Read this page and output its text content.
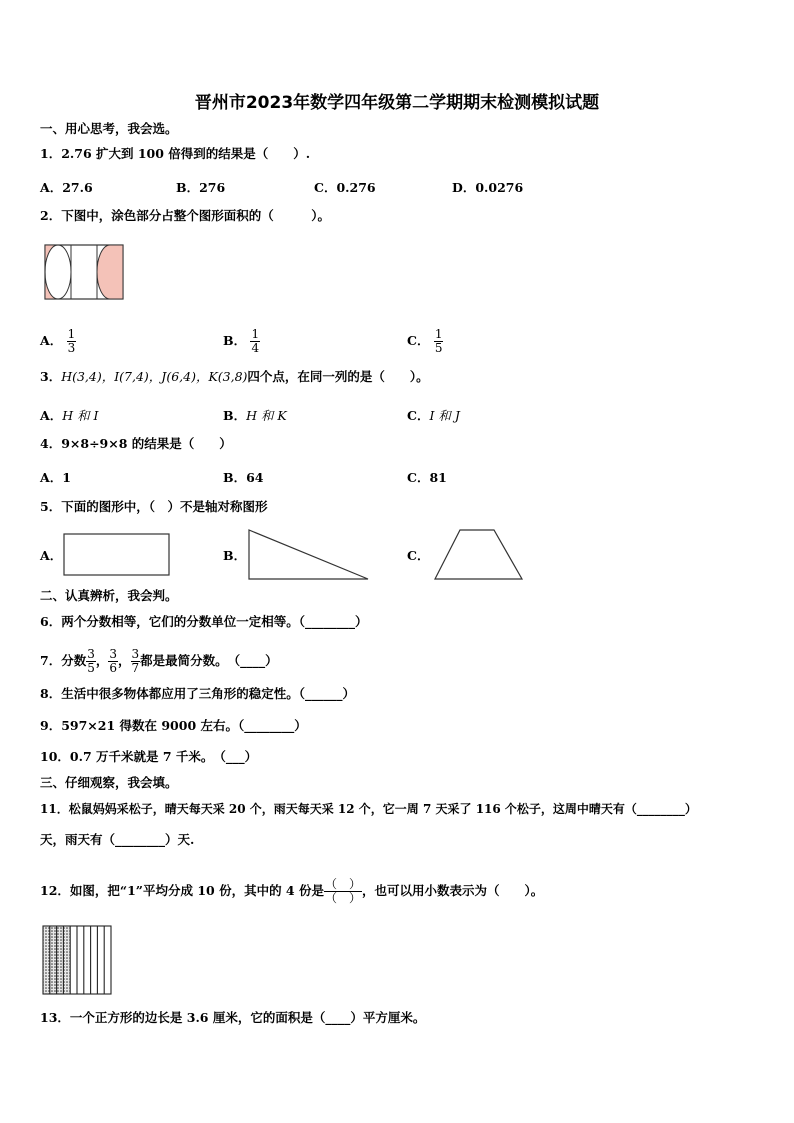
晋州市2023年数学四年级第二学期期末检测模拟试题
一、用心思考，我会选。
1．2.76 扩大到 100 倍得到的结果是（　　）.
A．27.6	B．276	C．0.276	D．0.0276
2．下图中，涂色部分占整个图形面积的（　　　）。
A． $\frac{1}{3}$	B． $\frac{1}{4}$	C． $\frac{1}{5}$
3．H(3,4)，I(7,4)，J(6,4)，K(3,8)四个点，在同一列的是（　　）。
A．H 和 I	B．H 和 K	C．I 和 J
4．9×8÷9×8 的结果是（　　）
A．1	B．64	C．81
5．下面的图形中，（　）不是轴对称图形
A．	B．	C．
二、认真辨析，我会判。
6．两个分数相等，它们的分数单位一定相等。（________）
7．分数 $\frac{3}{5}$ ， $\frac{3}{6}$ ， $\frac{3}{7}$ 都是最简分数。　（____）
8．生活中很多物体都应用了三角形的稳定性。（______）
9．597×21 得数在 9000 左右。（________）
10．0.7 万千米就是 7 千米。　（___）
三、仔细观察，我会填。
11．松鼠妈妈采松子，晴天每天采 20 个，雨天每天采 12 个，它一周 7 天采了 116 个松子，这周中晴天有（________）
天，雨天有（________）天.
12．如图，把“1”平均分成 10 份，其中的 4 份是 $\frac{( )}{( )}$ ，也可以用小数表示为（　　）。
13．一个正方形的边长是 3.6 厘米，它的面积是（____）平方厘米。
